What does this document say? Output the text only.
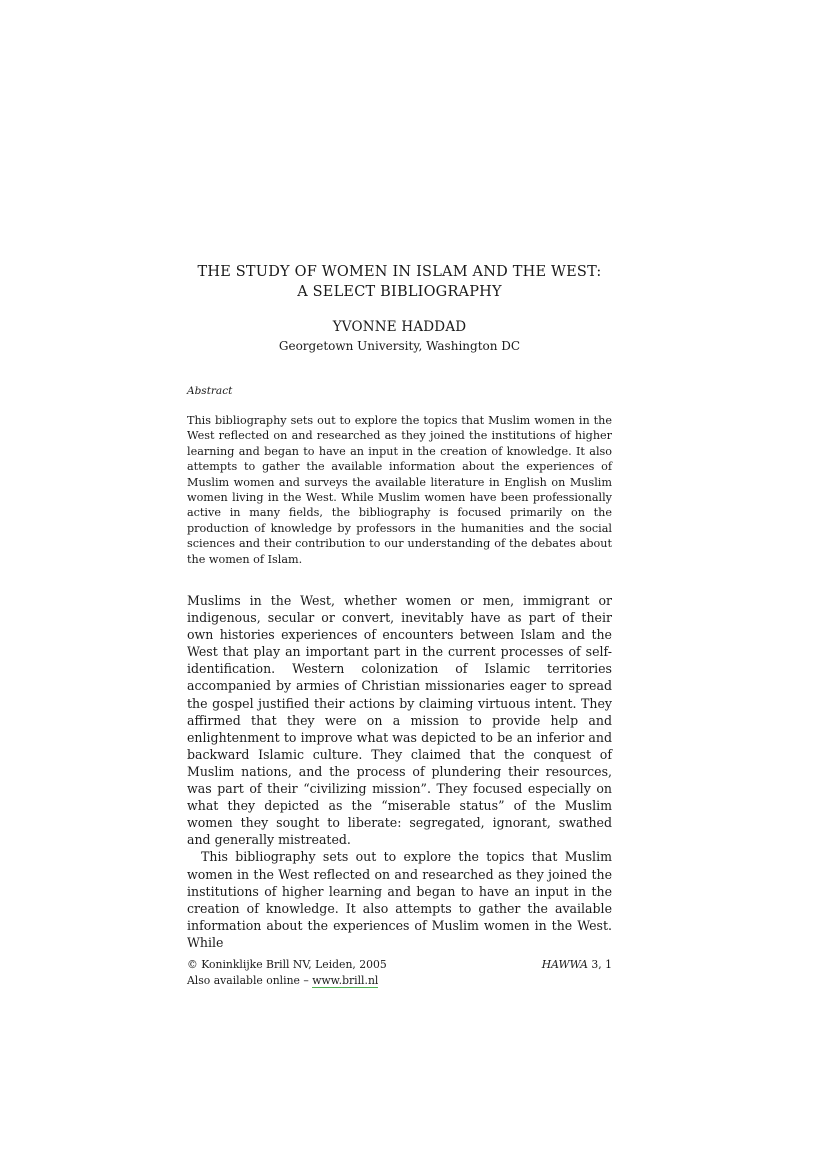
THE STUDY OF WOMEN IN ISLAM AND THE WEST:

A SELECT BIBLIOGRAPHY

YVONNE HADDAD
Georgetown University, Washington DC
Abstract
This bibliography sets out to explore the topics that Muslim women in the West reflected on and researched as they joined the institutions of higher learning and began to have an input in the creation of knowledge. It also attempts to gather the available information about the experiences of Muslim women and surveys the available literature in English on Muslim women living in the West. While Muslim women have been professionally active in many fields, the bibliography is focused primarily on the production of knowledge by professors in the humanities and the social sciences and their contribution to our understanding of the debates about the women of Islam.

Muslims in the West, whether women or men, immigrant or indigenous, secular or convert, inevitably have as part of their own histories experiences of encounters between Islam and the West that play an important part in the current processes of self-identification. Western colonization of Islamic territories accompanied by armies of Christian missionaries eager to spread the gospel justified their actions by claiming virtuous intent. They affirmed that they were on a mission to provide help and enlightenment to improve what was depicted to be an inferior and backward Islamic culture. They claimed that the conquest of Muslim nations, and the process of plundering their resources, was part of their “civilizing mission”. They focused especially on what they depicted as the “miserable status” of the Muslim women they sought to liberate: segregated, ignorant, swathed and generally mistreated.

This bibliography sets out to explore the topics that Muslim women in the West reflected on and researched as they joined the institutions of higher learning and began to have an input in the creation of knowledge. It also attempts to gather the available information about the experiences of Muslim women in the West. While

© Koninklijke Brill NV, Leiden, 2005
Also available online – www.brill.nl
HAWWA 3, 1
